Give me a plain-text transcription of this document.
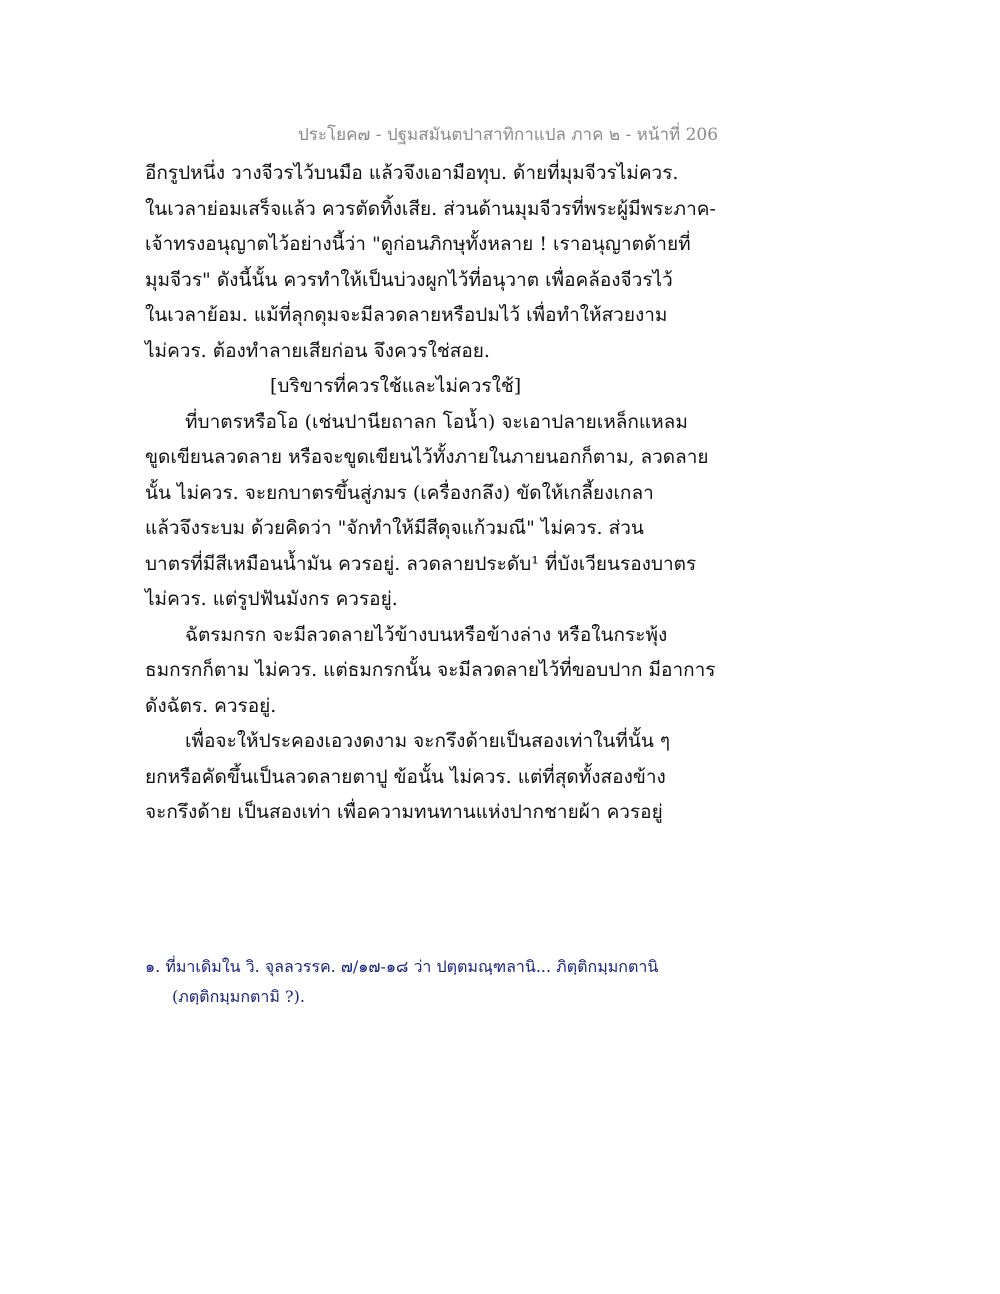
ประโยค๗ - ปฐมสมันตปาสาทิกาแปล ภาค ๒ - หน้าที่ 206
อีกรูปหนึ่ง วางจีวรไว้บนมือ แล้วจึงเอามือทุบ. ด้ายที่มุมจีวรไม่ควร.
ในเวลาย่อมเสร็จแล้ว ควรตัดทิ้งเสีย. ส่วนด้านมุมจีวรที่พระผู้มีพระภาค-
เจ้าทรงอนุญาตไว้อย่างนี้ว่า "ดูก่อนภิกษุทั้งหลาย ! เราอนุญาตด้ายที่
มุมจีวร" ดังนี้นั้น ควรทำให้เป็นบ่วงผูกไว้ที่อนุวาต เพื่อคล้องจีวรไว้
ในเวลาย้อม. แม้ที่ลุกดุมจะมีลวดลายหรือปมไว้ เพื่อทำให้สวยงาม
ไม่ควร. ต้องทำลายเสียก่อน จึงควรใช่สอย.
[บริขารที่ควรใช้และไม่ควรใช้]
ที่บาตรหรือโอ (เช่นปานียถาลก โอน้ำ) จะเอาปลายเหล็กแหลม
ขูดเขียนลวดลาย หรือจะขูดเขียนไว้ทั้งภายในภายนอกก็ตาม, ลวดลาย
นั้น ไม่ควร. จะยกบาตรขึ้นสู่ภมร (เครื่องกลึง) ขัดให้เกลี้ยงเกลา
แล้วจึงระบม ด้วยคิดว่า "จักทำให้มีสีดุจแก้วมณี" ไม่ควร. ส่วน
บาตรที่มีสีเหมือนน้ำมัน ควรอยู่. ลวดลายประดับ¹ ที่บังเวียนรองบาตร
ไม่ควร. แต่รูปฟันมังกร ควรอยู่.
ฉัตรมกรก จะมีลวดลายไว้ข้างบนหรือข้างล่าง หรือในกระพุ้ง
ธมกรกก็ตาม ไม่ควร. แต่ธมกรกนั้น จะมีลวดลายไว้ที่ขอบปาก มีอาการ
ดังฉัตร. ควรอยู่.
เพื่อจะให้ประคองเอวงดงาม จะกรึงด้ายเป็นสองเท่าในที่นั้น ๆ
ยกหรือคัดขึ้นเป็นลวดลายตาปู ข้อนั้น ไม่ควร. แต่ที่สุดทั้งสองข้าง
จะกรึงด้าย เป็นสองเท่า เพื่อความทนทานแห่งปากชายผ้า ควรอยู่
๑. ที่มาเดิมใน วิ. จุลลวรรค. ๗/๑๗-๑๘ ว่า ปตฺตมณฺฑลานิ... ภิตฺติกมฺมกตานิ
(ภตฺติกมฺมกตามิ ?).
